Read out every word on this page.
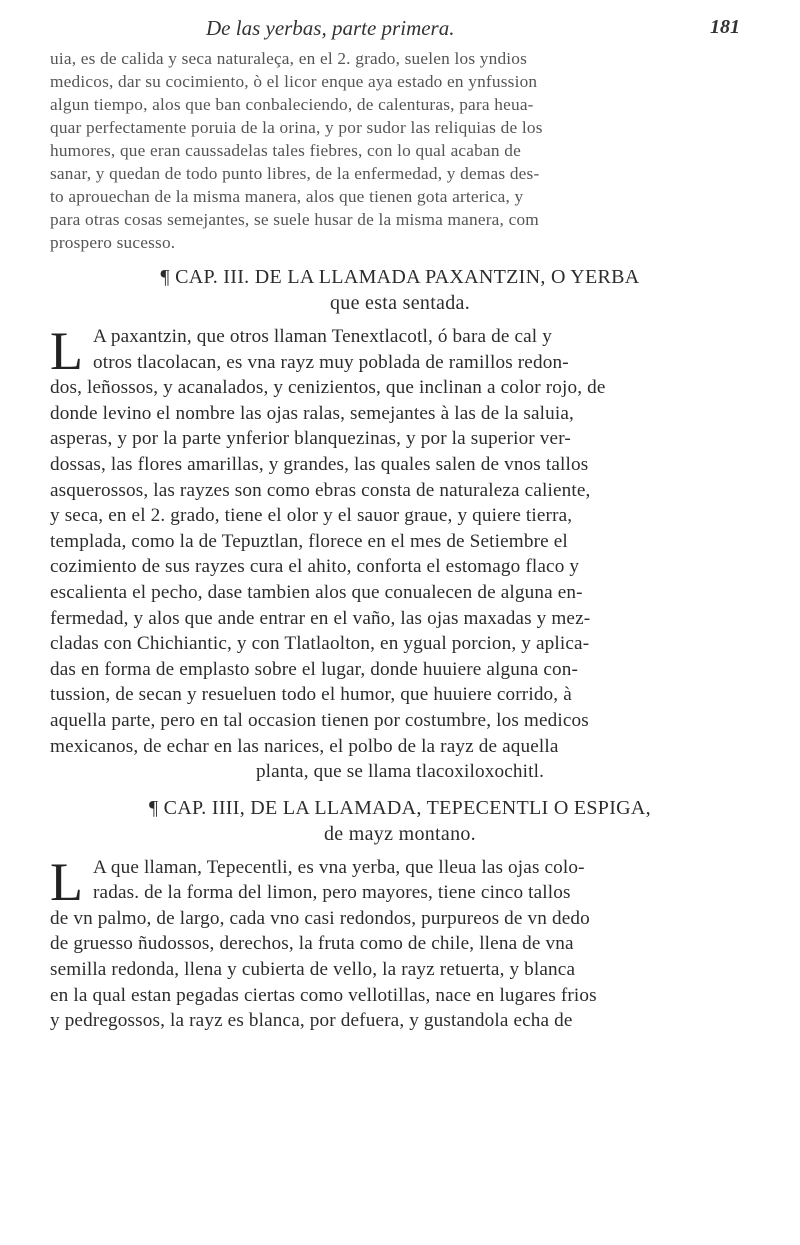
De las yerbas, parte primera.	181
uia, es de calida y seca naturaleça, en el 2. grado, suelen los yndios
medicos, dar su cocimiento, ò el licor enque aya estado en ynfussion
algun tiempo, alos que ban conbaleciendo, de calenturas, para heua-
quar perfectamente poruia de la orina, y por sudor las reliquias de los
humores, que eran caussadelas tales fiebres, con lo qual acaban de
sanar, y quedan de todo punto libres, de la enfermedad, y demas des-
to aprouechan de la misma manera, alos que tienen gota arterica, y
para otras cosas semejantes, se suele husar de la misma manera, com
prospero sucesso.
¶ CAP. III. DE LA LLAMADA PAXANTZIN, O YERBA
que esta sentada.
L A paxantzin, que otros llaman Tenextlacotl, ó bara de cal y
otros tlacolacan, es vna rayz muy poblada de ramillos redon-
dos, leñossos, y acanalados, y cenizientos, que inclinan a color rojo, de
donde levino el nombre las ojas ralas, semejantes à las de la saluia,
asperas, y por la parte ynferior blanquezinas, y por la superior ver-
dossas, las flores amarillas, y grandes, las quales salen de vnos tallos
asquerossos, las rayzes son como ebras consta de naturaleza caliente,
y seca, en el 2. grado, tiene el olor y el sauor graue, y quiere tierra,
templada, como la de Tepuztlan, florece en el mes de Setiembre el
cozimiento de sus rayzes cura el ahito, conforta el estomago flaco y
escalienta el pecho, dase tambien alos que conualecen de alguna en-
fermedad, y alos que ande entrar en el vaño, las ojas maxadas y mez-
cladas con Chichiantic, y con Tlatlaolton, en ygual porcion, y aplica-
das en forma de emplasto sobre el lugar, donde huuiere alguna con-
tussion, de secan y resueluen todo el humor, que huuiere corrido, à
aquella parte, pero en tal occasion tienen por costumbre, los medicos
mexicanos, de echar en las narices, el polbo de la rayz de aquella
planta, que se llama tlacoxiloxochitl.
¶ CAP. IIII, DE LA LLAMADA, TEPECENTLI O ESPIGA,
de mayz montano.
L A que llaman, Tepecentli, es vna yerba, que lleua las ojas colo-
radas. de la forma del limon, pero mayores, tiene cinco tallos
de vn palmo, de largo, cada vno casi redondos, purpureos de vn dedo
de gruesso ñudossos, derechos, la fruta como de chile, llena de vna
semilla redonda, llena y cubierta de vello, la rayz retuerta, y blanca
en la qual estan pegadas ciertas como vellotillas, nace en lugares frios
y pedregossos, la rayz es blanca, por defuera, y gustandola echa de
